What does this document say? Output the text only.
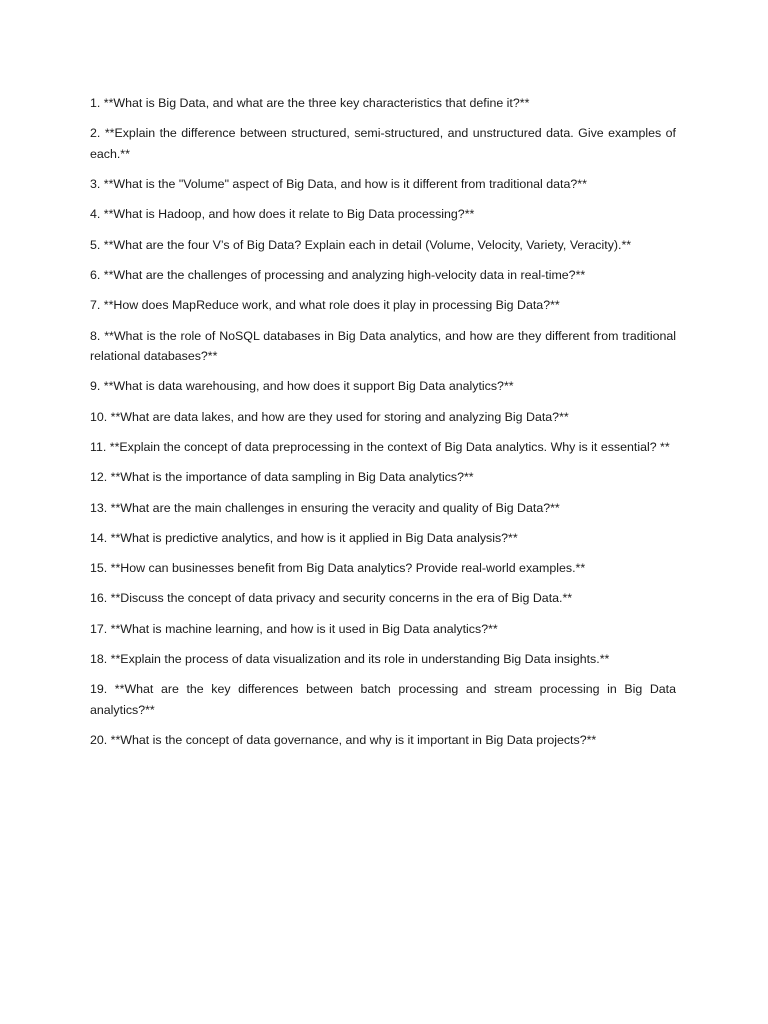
1. **What is Big Data, and what are the three key characteristics that define it?**

2. **Explain the difference between structured, semi-structured, and unstructured data. Give examples of each.**

3. **What is the "Volume" aspect of Big Data, and how is it different from traditional data?**

4. **What is Hadoop, and how does it relate to Big Data processing?**

5. **What are the four V’s of Big Data? Explain each in detail (Volume, Velocity, Variety, Veracity).**

6. **What are the challenges of processing and analyzing high-velocity data in real-time?**

7. **How does MapReduce work, and what role does it play in processing Big Data?**

8. **What is the role of NoSQL databases in Big Data analytics, and how are they different from traditional relational databases?**

9. **What is data warehousing, and how does it support Big Data analytics?**

10. **What are data lakes, and how are they used for storing and analyzing Big Data?**

11. **Explain the concept of data preprocessing in the context of Big Data analytics. Why is it essential? **

12. **What is the importance of data sampling in Big Data analytics?**

13. **What are the main challenges in ensuring the veracity and quality of Big Data?**

14. **What is predictive analytics, and how is it applied in Big Data analysis?**

15. **How can businesses benefit from Big Data analytics? Provide real-world examples.**

16. **Discuss the concept of data privacy and security concerns in the era of Big Data.**

17. **What is machine learning, and how is it used in Big Data analytics?**

18. **Explain the process of data visualization and its role in understanding Big Data insights.**

19. **What are the key differences between batch processing and stream processing in Big Data analytics?**

20. **What is the concept of data governance, and why is it important in Big Data projects?**
